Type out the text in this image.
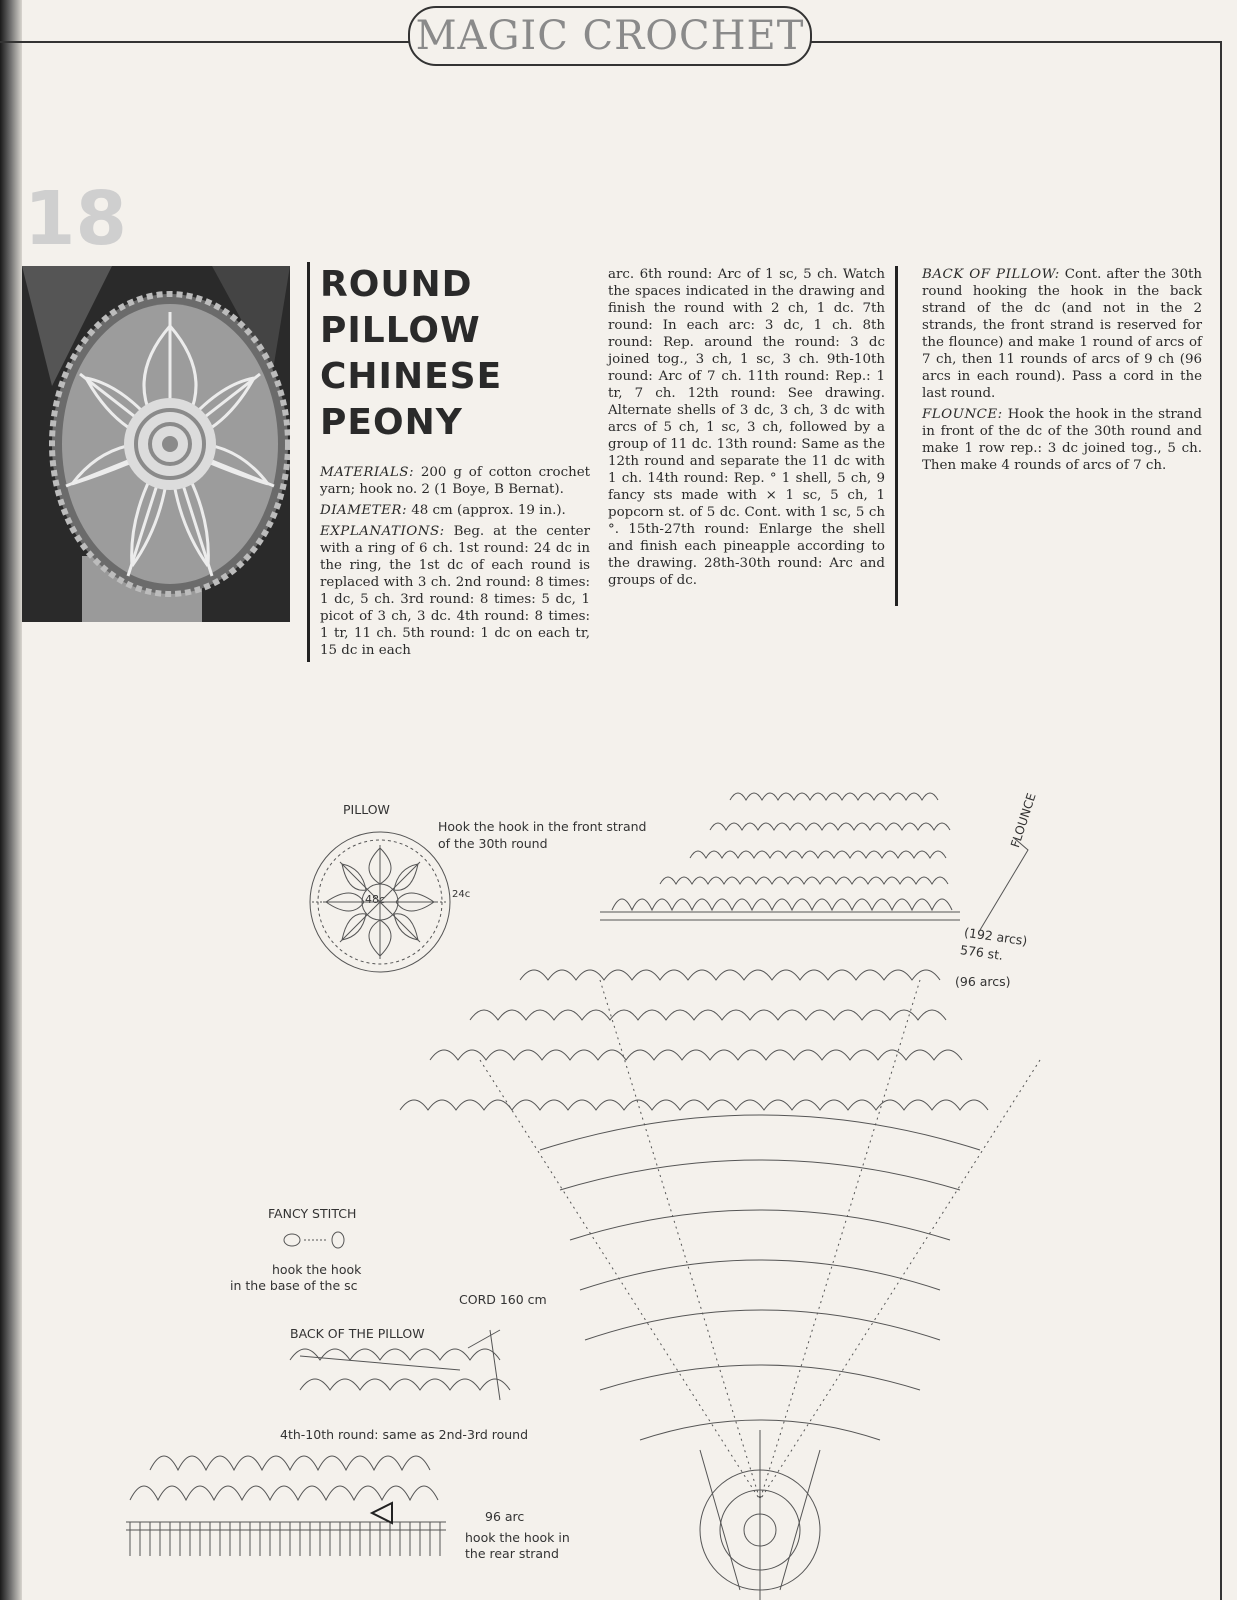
MAGIC CROCHET
18
ROUND
PILLOW
CHINESE
PEONY

MATERIALS: 200 g of cotton crochet yarn; hook no. 2 (1 Boye, B Bernat).

DIAMETER: 48 cm (approx. 19 in.).

EXPLANATIONS: Beg. at the center with a ring of 6 ch. 1st round: 24 dc in the ring, the 1st dc of each round is replaced with 3 ch. 2nd round: 8 times: 1 dc, 5 ch. 3rd round: 8 times: 5 dc, 1 picot of 3 ch, 3 dc. 4th round: 8 times: 1 tr, 11 ch. 5th round: 1 dc on each tr, 15 dc in each

arc. 6th round: Arc of 1 sc, 5 ch. Watch the spaces indicated in the drawing and finish the round with 2 ch, 1 dc. 7th round: In each arc: 3 dc, 1 ch. 8th round: Rep. around the round: 3 dc joined tog., 3 ch, 1 sc, 3 ch. 9th-10th round: Arc of 7 ch. 11th round: Rep.: 1 tr, 7 ch. 12th round: See drawing. Alternate shells of 3 dc, 3 ch, 3 dc with arcs of 5 ch, 1 sc, 3 ch, followed by a group of 11 dc. 13th round: Same as the 12th round and separate the 11 dc with 1 ch. 14th round: Rep. ° 1 shell, 5 ch, 9 fancy sts made with × 1 sc, 5 ch, 1 popcorn st. of 5 dc. Cont. with 1 sc, 5 ch °. 15th-27th round: Enlarge the shell and finish each pineapple according to the drawing. 28th-30th round: Arc and groups of dc.

BACK OF PILLOW: Cont. after the 30th round hooking the hook in the back strand of the dc (and not in the 2 strands, the front strand is reserved for the flounce) and make 1 round of arcs of 7 ch, then 11 rounds of arcs of 9 ch (96 arcs in each round). Pass a cord in the last round.

FLOUNCE: Hook the hook in the strand in front of the dc of the 30th round and make 1 row rep.: 3 dc joined tog., 5 ch. Then make 4 rounds of arcs of 7 ch.

PILLOW
Hook the hook in the front strand
of the 30th round
48c	24c
FLOUNCE
(192 arcs)
576 st.
(96 arcs)
FANCY STITCH
hook the hook
in the base of the sc
CORD 160 cm
BACK OF THE PILLOW
4th-10th round: same as 2nd-3rd round
96 arc
hook the hook in
the rear strand
